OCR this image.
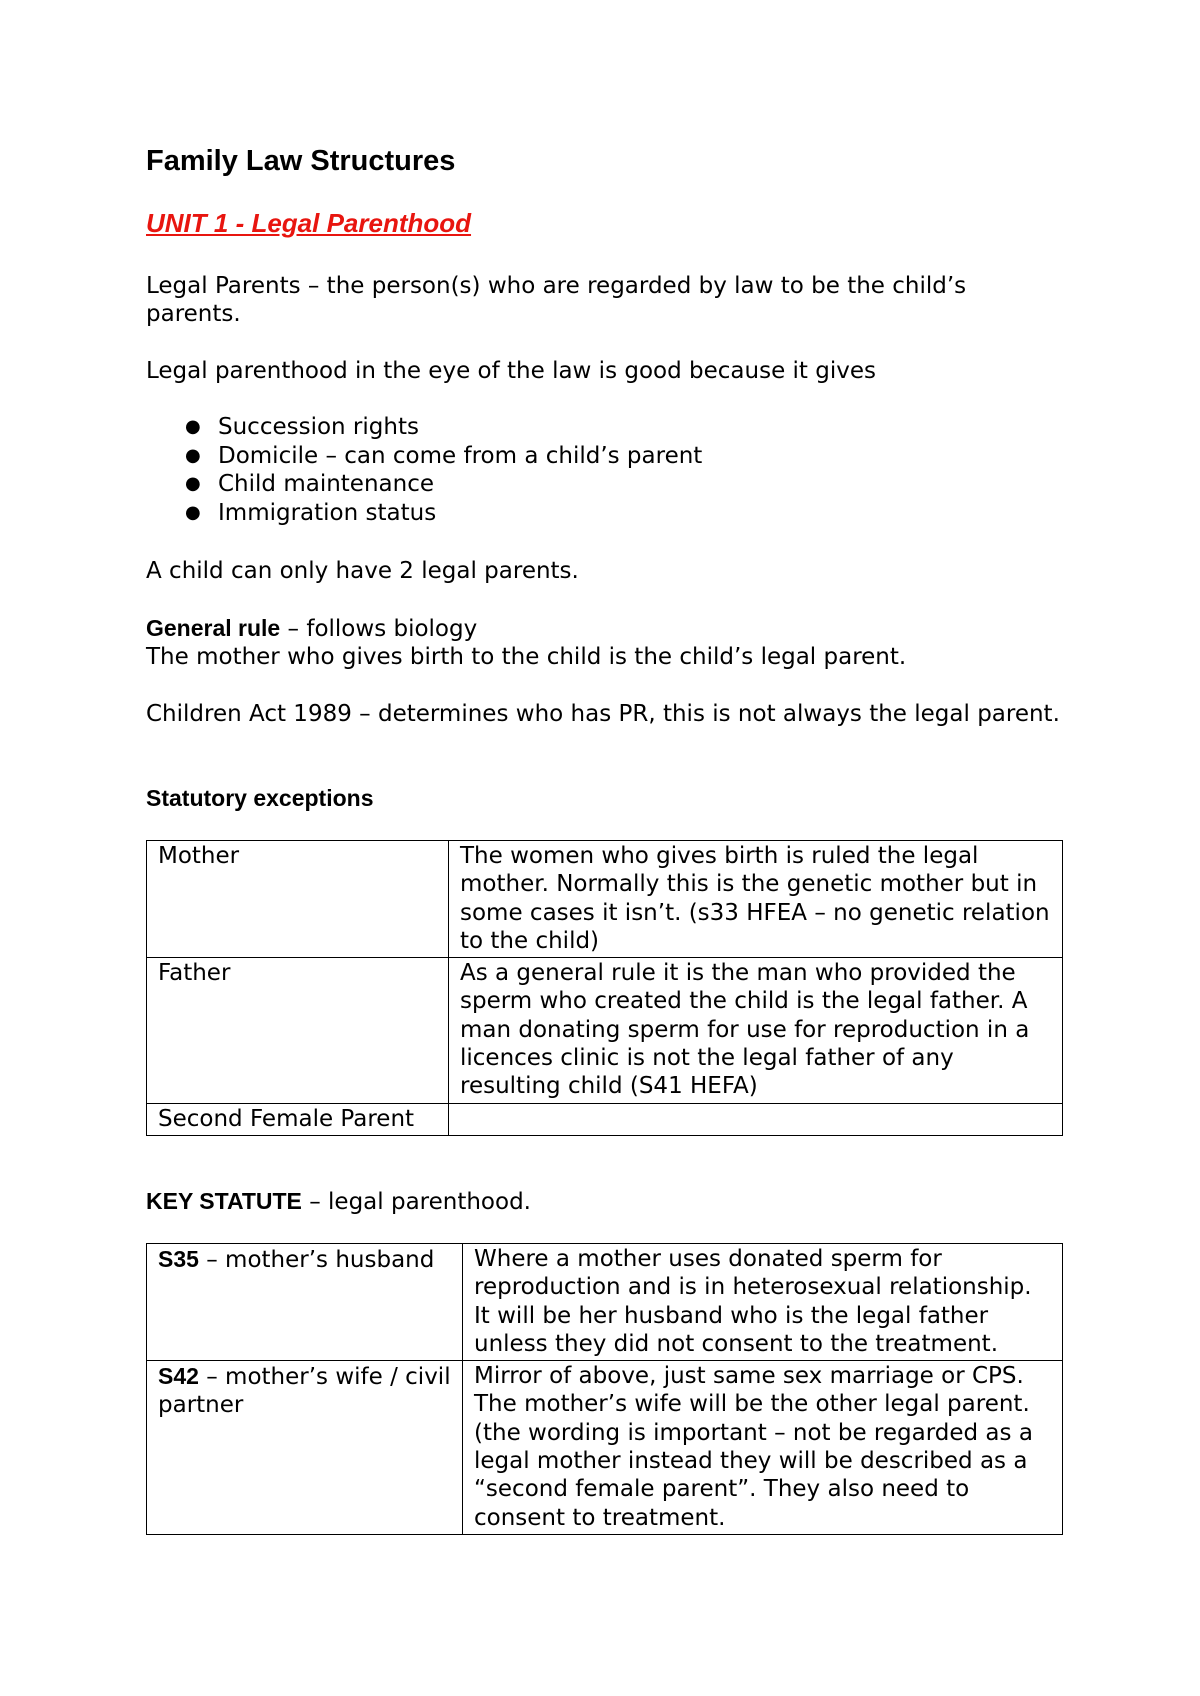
Family Law Structures
UNIT 1 - Legal Parenthood

Legal Parents – the person(s) who are regarded by law to be the child’s parents.

Legal parenthood in the eye of the law is good because it gives

● Succession rights
● Domicile – can come from a child’s parent
● Child maintenance
● Immigration status

A child can only have 2 legal parents.

General rule – follows biology

The mother who gives birth to the child is the child’s legal parent.

Children Act 1989 – determines who has PR, this is not always the legal parent.

Statutory exceptions

Mother	The women who gives birth is ruled the legal mother. Normally this is the genetic mother but in some cases it isn’t. (s33 HFEA – no genetic relation to the child)
Father	As a general rule it is the man who provided the sperm who created the child is the legal father. A man donating sperm for use for reproduction in a licences clinic is not the legal father of any resulting child (S41 HEFA)
Second Female Parent	

KEY STATUTE – legal parenthood.

S35 – mother’s husband	Where a mother uses donated sperm for reproduction and is in heterosexual relationship. It will be her husband who is the legal father unless they did not consent to the treatment.
S42 – mother’s wife / civil partner	Mirror of above, just same sex marriage or CPS. The mother’s wife will be the other legal parent. (the wording is important – not be regarded as a legal mother instead they will be described as a “second female parent”. They also need to consent to treatment.
